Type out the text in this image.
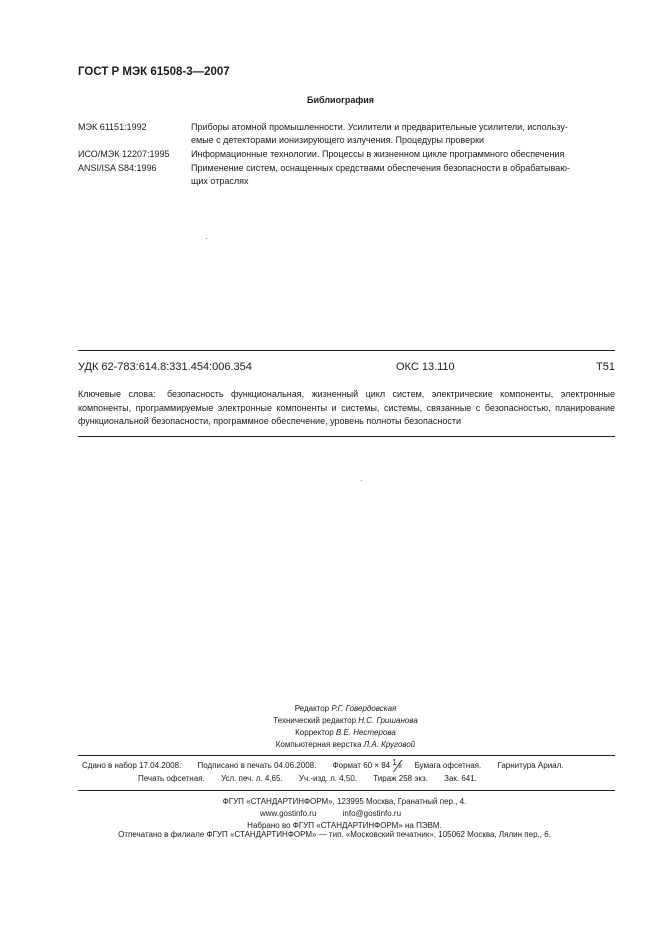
ГОСТ Р МЭК 61508-3—2007
Библиография
МЭК 61151:1992	Приборы атомной промышленности. Усилители и предварительные усилители, использу-
емые с детекторами ионизирующего излучения. Процедуры проверки
ИСО/МЭК 12207:1995 Информационные технологии. Процессы в жизненном цикле программного обеспечения
ANSI/ISA S84:1996	Применение систем, оснащенных средствами обеспечения безопасности в обрабатываю-
щих отраслях
УДК 62-783:614.8:331.454:006.354	ОКС 13.110	Т51
Ключевые слова: безопасность функциональная, жизненный цикл систем, электрические компоненты, электронные компоненты, программируемые электронные компоненты и системы, системы, связанные с безопасностью, планирование функциональной безопасности, программное обеспечение, уровень полноты безопасности
Редактор Р.Г. Говердовская
Технический редактор Н.С. Гришанова
Корректор В.Е. Нестерова
Компьютерная верстка Л.А. Круговой
Сдано в набор 17.04.2008. Подписано в печать 04.06.2008. Формат 60 × 84 1 8 Бумага офсетная. Гарнитура Ариал.
Печать офсетная. Усл. печ. л. 4,65. Уч.-изд. л. 4,50. Тираж 258 экз. Зак. 641.
ФГУП «СТАНДАРТИНФОРМ», 123995 Москва, Гранатный пер., 4.
www.gostinfo.ru	info@gostinfo.ru
Набрано во ФГУП «СТАНДАРТИНФОРМ» на ПЭВМ.
Отпечатано в филиале ФГУП «СТАНДАРТИНФОРМ» — тип. «Московский печатник», 105062 Москва, Лялин пер., 6.
